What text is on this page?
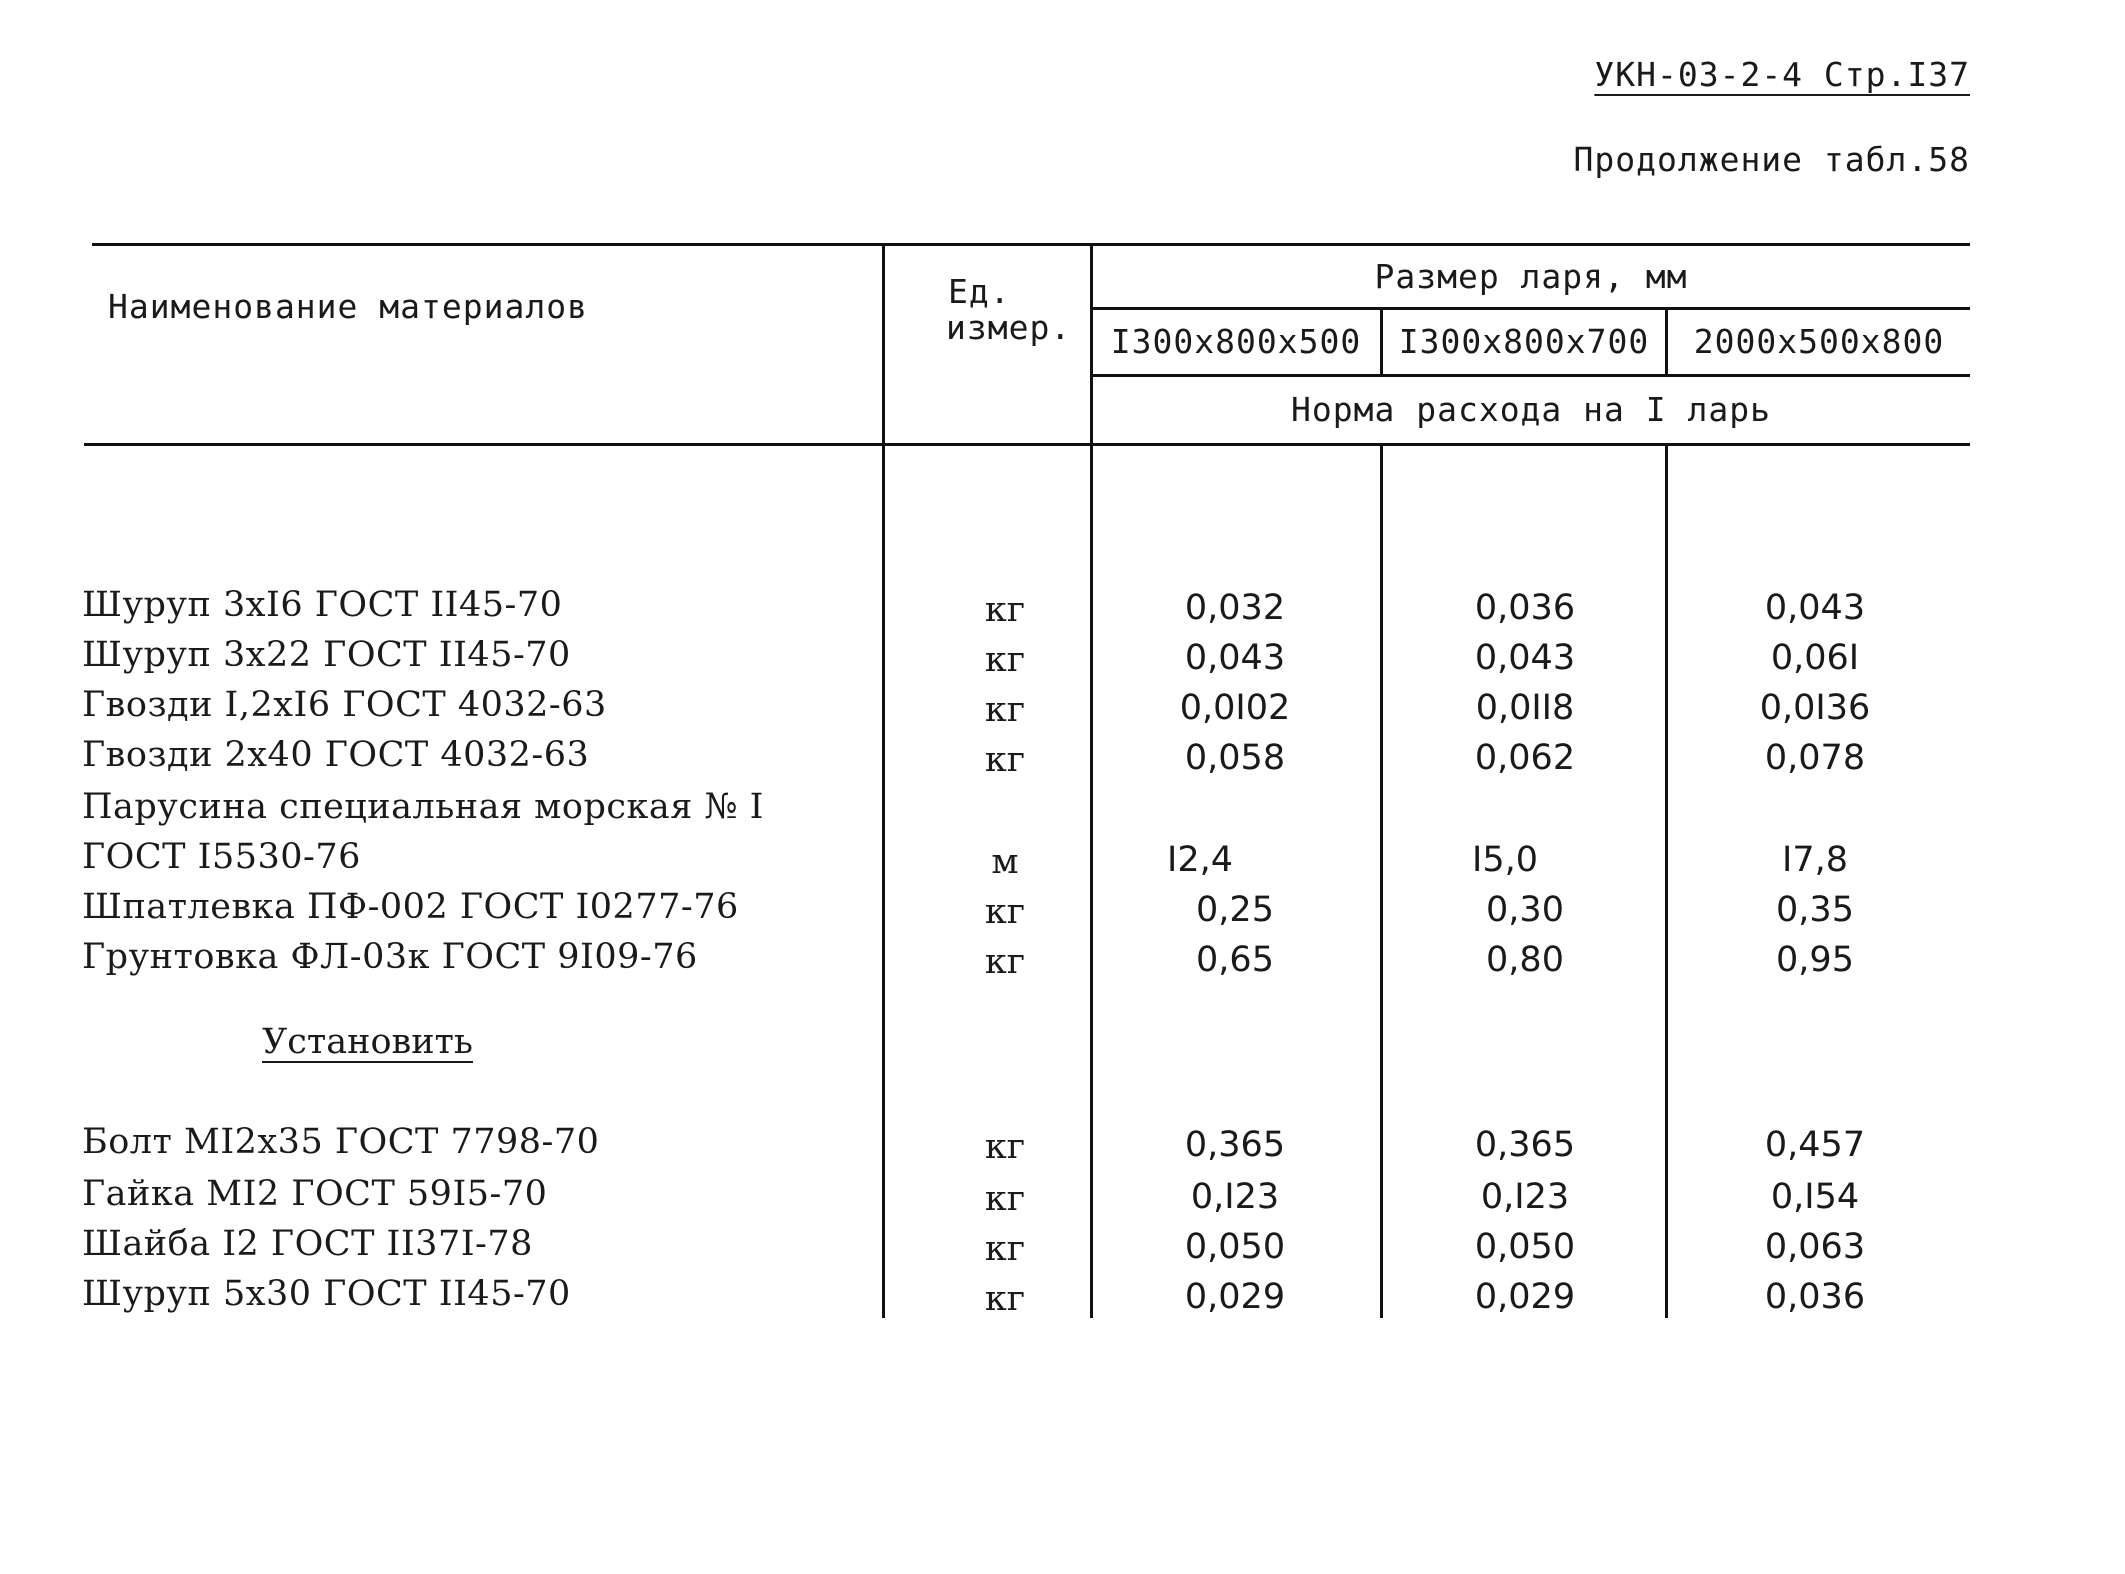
УКН-03-2-4 Стр.I37
Продолжение табл.58
Наименование материалов	Ед.
измер.
Размер ларя, мм
I300x800x500	I300x800x700	2000x500x800
Норма расхода на I ларь
Шуруп 3xI6 ГОСТ II45-70	кг	0,032	0,036	0,043
Шуруп 3x22 ГОСТ II45-70	кг	0,043	0,043	0,06I
Гвозди I,2xI6 ГОСТ 4032-63	кг	0,0I02	0,0II8	0,0I36
Гвозди 2x40 ГОСТ 4032-63	кг	0,058	0,062	0,078
Парусина специальная морская № I
ГОСТ I5530-76	м	I2,4	I5,0	I7,8
Шпатлевка ПФ-002 ГОСТ I0277-76	кг	0,25	0,30	0,35
Грунтовка ФЛ-03к ГОСТ 9I09-76	кг	0,65	0,80	0,95
Установить
Болт MI2x35 ГОСТ 7798-70	кг	0,365	0,365	0,457
Гайка MI2 ГОСТ 59I5-70	кг	0,I23	0,I23	0,I54
Шайба I2 ГОСТ II37I-78	кг	0,050	0,050	0,063
Шуруп 5x30 ГОСТ II45-70	кг	0,029	0,029	0,036
